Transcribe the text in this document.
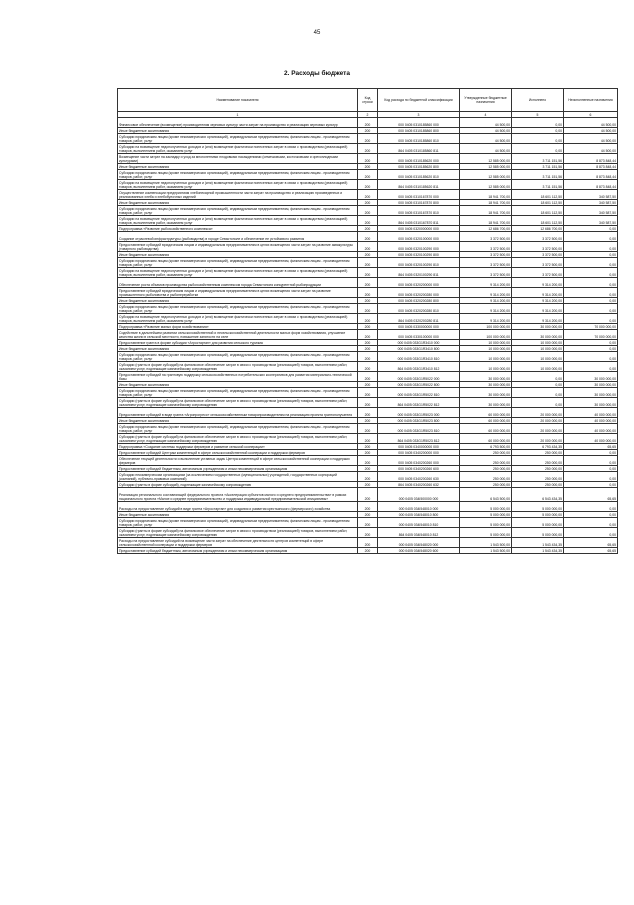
45
2. Расходы бюджета
Наименование показателя	Код строки	Код расхода по бюджетной классификации	Утвержденные бюджетные назначения	Исполнено	Неисполненные назначения
1	2	3	4	5	6
Финансовое обеспечение (возмещение) производителям зерновых культур части затрат на производство и реализацию зерновых культур	200	000 0405 0310185860 000	44 500,00	0,00	44 500,00
Иные бюджетные ассигнования	200	000 0405 0310185860 800	44 500,00	0,00	44 500,00
Субсидии юридическим лицам (кроме некоммерческих организаций), индивидуальным предпринимателям, физическим лицам - производителям товаров, работ, услуг	200	000 0405 0310185860 810	44 500,00	0,00	44 500,00
Субсидии на возмещение недополученных доходов и (или) возмещение фактически понесенных затрат в связи с производством (реализацией) товаров, выполнением работ, оказанием услуг	200	864 0405 0310185860 811	44 500,00	0,00	44 500,00
Возмещение части затрат на закладку и уход за многолетними плодовыми насаждениями (семечковыми, косточковыми и орехоплодными культурами)	200	000 0405 0310185620 000	12 585 000,00	3 711 151,56	8 873 848,44
Иные бюджетные ассигнования	200	000 0405 0310185620 800	12 585 000,00	3 711 151,56	8 873 848,44
Субсидии юридическим лицам (кроме некоммерческих организаций), индивидуальным предпринимателям, физическим лицам - производителям товаров, работ, услуг	200	000 0405 0310185620 810	12 585 000,00	3 711 151,56	8 873 848,44
Субсидии на возмещение недополученных доходов и (или) возмещение фактически понесенных затрат в связи с производством (реализацией) товаров, выполнением работ, оказанием услуг	200	864 0405 0310185620 811	12 585 000,00	3 711 151,56	8 873 848,44
Осуществление компенсации предприятиям хлебопекарной промышленности части затрат на производство и реализацию произведенных и реализованных хлеба и хлебобулочных изделий	200	000 0405 0310167870 000	18 941 700,00	18 601 112,50	340 587,50
Иные бюджетные ассигнования	200	000 0405 0310167870 800	18 941 700,00	18 601 112,50	340 587,50
Субсидии юридическим лицам (кроме некоммерческих организаций), индивидуальным предпринимателям, физическим лицам - производителям товаров, работ, услуг	200	000 0405 0310167870 810	18 941 700,00	18 601 112,50	340 587,50
Субсидии на возмещение недополученных доходов и (или) возмещение фактически понесенных затрат в связи с производством (реализацией) товаров, выполнением работ, оказанием услуг	200	864 0405 0310167870 811	18 941 700,00	18 601 112,50	340 587,50
Подпрограмма «Развитие рыбохозяйственного комплекса»	200	000 0405 0320000000 000	12 686 700,00	12 686 700,00	0,00
Создание отраслевой инфраструктуры (рыбоводства) в городе Севастополе и обеспечение ее устойчивого развития	200	000 0405 0320100000 000	3 372 500,00	3 372 500,00	0,00
Предоставление субсидий юридическим лицам и индивидуальным предпринимателям в целях возмещения части затрат на развитие аквакультуры (товарного рыбоводства)	200	000 0405 0320100290 000	3 372 500,00	3 372 500,00	0,00
Иные бюджетные ассигнования	200	000 0405 0320100290 800	3 372 500,00	3 372 500,00	0,00
Субсидии юридическим лицам (кроме некоммерческих организаций), индивидуальным предпринимателям, физическим лицам - производителям товаров, работ, услуг	200	000 0405 0320100290 810	3 372 500,00	3 372 500,00	0,00
Субсидии на возмещение недополученных доходов и (или) возмещение фактически понесенных затрат в связи с производством (реализацией) товаров, выполнением работ, оказанием услуг	200	864 0405 0320100290 811	3 372 500,00	3 372 500,00	0,00
Обеспечение роста объемов производства рыбохозяйственным комплексом города Севастополя конкурентной рыбопродукции	200	000 0405 0320200000 000	9 314 200,00	9 314 200,00	0,00
Предоставление субсидий юридическим лицам и индивидуальным предпринимателям в целях возмещения части затрат на развитие промышленного рыболовства и рыбопереработки	200	000 0405 0320200280 000	9 314 200,00	9 314 200,00	0,00
Иные бюджетные ассигнования	200	000 0405 0320200280 800	9 314 200,00	9 314 200,00	0,00
Субсидии юридическим лицам (кроме некоммерческих организаций), индивидуальным предпринимателям, физическим лицам - производителям товаров, работ, услуг	200	000 0405 0320200280 810	9 314 200,00	9 314 200,00	0,00
Субсидии на возмещение недополученных доходов и (или) возмещение фактически понесенных затрат в связи с производством (реализацией) товаров, выполнением работ, оказанием услуг	200	864 0405 0320200280 811	9 314 200,00	9 314 200,00	0,00
Подпрограмма «Развитие малых форм хозяйствования»	200	000 0405 0330000000 000	100 000 000,00	30 000 000,00	70 000 000,00
Содействие в дальнейшем развитии сельскохозяйственной и несельскохозяйственной деятельности малых форм хозяйствования, улучшение качества жизни в сельской местности, повышение занятости на селе	200	000 0405 0330100000 000	100 000 000,00	30 000 000,00	70 000 000,00
Предоставление гранта в форме субсидии «Агростартап» для развития сельского туризма	200	000 0405 033G1R3410 000	10 000 000,00	10 000 000,00	0,00
Иные бюджетные ассигнования	200	000 0405 033G1R3410 800	10 000 000,00	10 000 000,00	0,00
Субсидии юридическим лицам (кроме некоммерческих организаций), индивидуальным предпринимателям, физическим лицам - производителям товаров, работ, услуг	200	000 0405 033G1R3410 810	10 000 000,00	10 000 000,00	0,00
Субсидии (гранты в форме субсидий) на финансовое обеспечение затрат в связи с производством (реализацией) товаров, выполнением работ, оказанием услуг, подлежащие казначейскому сопровождению	200	864 0405 033G1R3410 812	10 000 000,00	10 000 000,00	0,00
Предоставление субсидий на грантовую поддержку сельскохозяйственных потребительских кооперативов для развития материально-технической базы	200	000 0405 033G1R5022 000	30 000 000,00	0,00	30 000 000,00
Иные бюджетные ассигнования	200	000 0405 033G1R5022 800	30 000 000,00	0,00	30 000 000,00
Субсидии юридическим лицам (кроме некоммерческих организаций), индивидуальным предпринимателям, физическим лицам - производителям товаров, работ, услуг	200	000 0405 033G1R5022 810	30 000 000,00	0,00	30 000 000,00
Субсидии (гранты в форме субсидий) на финансовое обеспечение затрат в связи с производством (реализацией) товаров, выполнением работ, оказанием услуг, подлежащие казначейскому сопровождению	200	864 0405 033G1R5022 812	30 000 000,00	0,00	30 000 000,00
Предоставление субсидий в виде гранта «Агропрогресс» сельскохозяйственным товаропроизводителям на реализацию проекта грантополучателя	200	000 0405 033G1R5023 000	60 000 000,00	20 000 000,00	40 000 000,00
Иные бюджетные ассигнования	200	000 0405 033G1R5023 800	60 000 000,00	20 000 000,00	40 000 000,00
Субсидии юридическим лицам (кроме некоммерческих организаций), индивидуальным предпринимателям, физическим лицам - производителям товаров, работ, услуг	200	000 0405 033G1R5023 810	60 000 000,00	20 000 000,00	40 000 000,00
Субсидии (гранты в форме субсидий) на финансовое обеспечение затрат в связи с производством (реализацией) товаров, выполнением работ, оказанием услуг, подлежащие казначейскому сопровождению	200	864 0405 033G1R5023 812	60 000 000,00	20 000 000,00	40 000 000,00
Подпрограмма «Создание системы поддержки фермеров и развитие сельской кооперации»	200	000 0405 0340000000 000	6 793 500,00	6 793 434,35	65,65
Предоставление субсидий Центрам компетенций в сфере сельскохозяйственной кооперации и поддержки фермеров	200	000 0405 0340200000 000	250 000,00	250 000,00	0,00
Обеспечение текущей деятельности и выполнение уставных задач Центра компетенций в сфере сельскохозяйственной кооперации и поддержки фермеров	200	000 0405 0340200260 000	250 000,00	250 000,00	0,00
Предоставление субсидий бюджетным, автономным учреждениям и иным некоммерческим организациям	200	000 0405 0340200260 600	250 000,00	250 000,00	0,00
Субсидии некоммерческим организациям (за исключением государственных (муниципальных) учреждений, государственных корпораций (компаний), публично-правовых компаний)	200	000 0405 0340200260 630	250 000,00	250 000,00	0,00
Субсидии (гранты в форме субсидий), подлежащие казначейскому сопровождению	200	864 0405 0340200260 632	250 000,00	250 000,00	0,00
Реализация регионального составляющей федерального проекта «Акселерация субъектов малого и среднего предпринимательства» в рамках национального проекта «Малое и среднее предпринимательство и поддержка индивидуальной предпринимательской инициативы»	200	000 0405 034I500000 000	6 543 500,00	6 543 434,35	65,65
Расходы на предоставление субсидий в виде гранта «Агростартап» для создания и развития крестьянского (фермерского) хозяйства	200	000 0405 034I548010 000	5 000 000,00	5 000 000,00	0,00
Иные бюджетные ассигнования	200	000 0405 034I548010 800	5 000 000,00	5 000 000,00	0,00
Субсидии юридическим лицам (кроме некоммерческих организаций), индивидуальным предпринимателям, физическим лицам - производителям товаров, работ, услуг	200	000 0405 034I548010 810	5 000 000,00	5 000 000,00	0,00
Субсидии (гранты в форме субсидий) на финансовое обеспечение затрат в связи с производством (реализацией) товаров, выполнением работ, оказанием услуг, подлежащие казначейскому сопровождению	200	864 0405 034I548010 812	5 000 000,00	5 000 000,00	0,00
Расходы на предоставление субсидий на возмещение части затрат на обеспечение деятельности центров компетенций в сфере сельскохозяйственной кооперации и поддержки фермеров	200	000 0405 034I548020 000	1 543 500,00	1 543 434,35	65,65
Предоставление субсидий бюджетным, автономным учреждениям и иным некоммерческим организациям	200	000 0405 034I548020 600	1 543 500,00	1 543 434,35	65,65
